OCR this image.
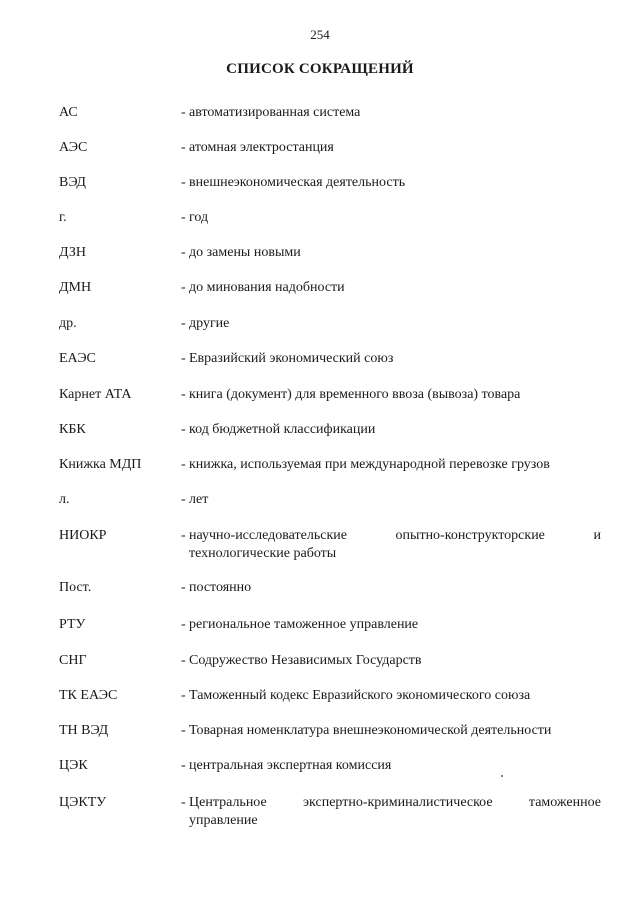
254
СПИСОК СОКРАЩЕНИЙ
АС	- автоматизированная система
АЭС	- атомная электростанция
ВЭД	- внешнеэкономическая деятельность
г.	- год
ДЗН	- до замены новыми
ДМН	- до минования надобности
др.	- другие
ЕАЭС	- Евразийский экономический союз
Карнет АТА	- книга (документ) для временного ввоза (вывоза) товара
КБК	- код бюджетной классификации
Книжка МДП	- книжка, используемая при международной перевозке грузов
л.	- лет
НИОКР	- научно-исследовательские опытно-конструкторские и
технологические работы
Пост.	- постоянно
РТУ	- региональное таможенное управление
СНГ	- Содружество Независимых Государств
ТК ЕАЭС	- Таможенный кодекс Евразийского экономического союза
ТН ВЭД	- Товарная номенклатура внешнеэкономической деятельности
ЦЭК	- центральная экспертная комиссия
ЦЭКТУ	- Центральное экспертно-криминалистическое таможенное
управление
